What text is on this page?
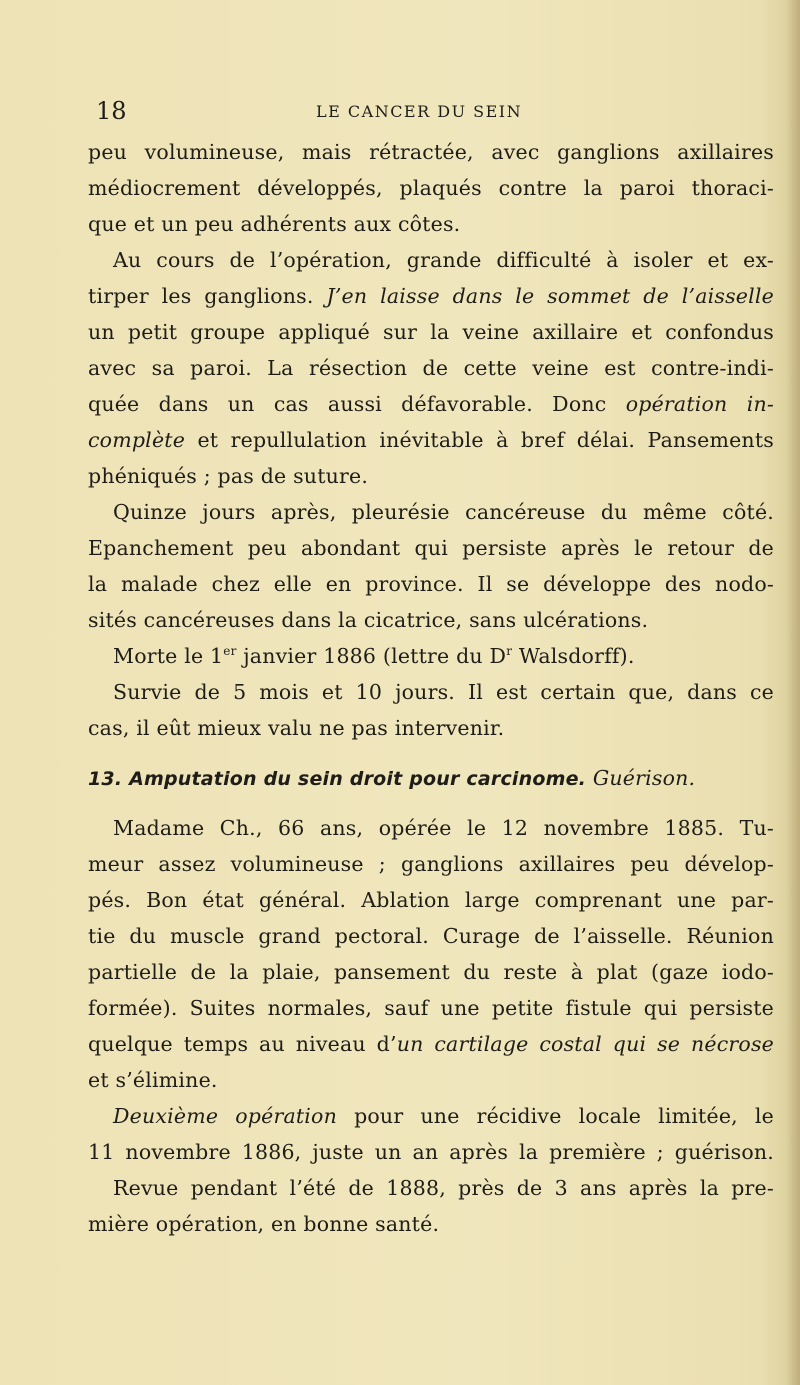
18	LE CANCER DU SEIN
peu volumineuse, mais rétractée, avec ganglions axillaires
médiocrement développés, plaqués contre la paroi thoraci-
que et un peu adhérents aux côtes.
Au cours de l’opération, grande difficulté à isoler et ex-
tirper les ganglions. J’en laisse dans le sommet de l’aisselle
un petit groupe appliqué sur la veine axillaire et confondus
avec sa paroi. La résection de cette veine est contre-indi-
quée dans un cas aussi défavorable. Donc opération in-
complète et repullulation inévitable à bref délai. Pansements
phéniqués ; pas de suture.
Quinze jours après, pleurésie cancéreuse du même côté.
Epanchement peu abondant qui persiste après le retour de
la malade chez elle en province. Il se développe des nodo-
sités cancéreuses dans la cicatrice, sans ulcérations.
Morte le 1er janvier 1886 (lettre du $D^r$ Walsdorff).
Survie de 5 mois et 10 jours. Il est certain que, dans ce
cas, il eût mieux valu ne pas intervenir.
13. Amputation du sein droit pour carcinome. Guérison.
Madame Ch., 66 ans, opérée le 12 novembre 1885. Tu-
meur assez volumineuse ; ganglions axillaires peu dévelop-
pés. Bon état général. Ablation large comprenant une par-
tie du muscle grand pectoral. Curage de l’aisselle. Réunion
partielle de la plaie, pansement du reste à plat (gaze iodo-
formée). Suites normales, sauf une petite fistule qui persiste
quelque temps au niveau d’un cartilage costal qui se nécrose
et s’élimine.
Deuxième opération pour une récidive locale limitée, le
11 novembre 1886, juste un an après la première ; guérison.
Revue pendant l’été de 1888, près de 3 ans après la pre-
mière opération, en bonne santé.
